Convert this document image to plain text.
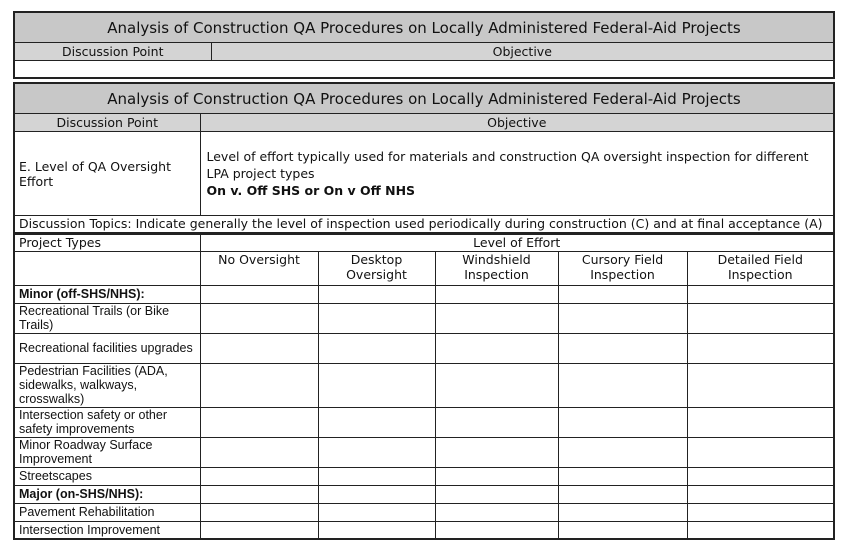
Analysis of Construction QA Procedures on Locally Administered Federal-Aid Projects
Discussion Point	Objective

Analysis of Construction QA Procedures on Locally Administered Federal-Aid Projects	
Discussion Point	Objective
E. Level of QA Oversight Effort	Level of effort typically used for materials and construction QA oversight inspection for different LPA project types
On v. Off SHS or On v Off NHS

Discussion Topics: Indicate generally the level of inspection used periodically during construction (C) and at final acceptance (A)	
Project Types	Level of Effort				
	No Oversight	Desktop Oversight	Windshield Inspection	Cursory Field Inspection	Detailed Field Inspection
Minor (off-SHS/NHS):					
Recreational Trails (or Bike Trails)					
Recreational facilities upgrades					
Pedestrian Facilities (ADA, sidewalks, walkways, crosswalks)					
Intersection safety or other safety improvements					
Minor Roadway Surface Improvement					
Streetscapes					
Major (on-SHS/NHS):					
Pavement Rehabilitation					
Intersection Improvement					
